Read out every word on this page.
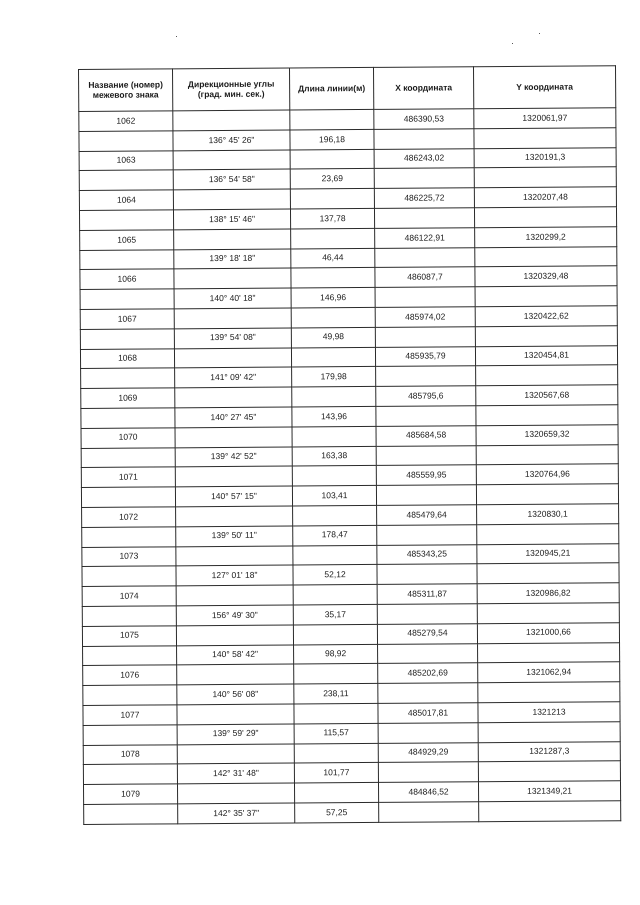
Название (номер) межевого знака	Дирекционные углы (град. мин. сек.)	Длина линии(м)	X координата	Y координата
1062			486390,53	1320061,97
	136° 45' 26"	196,18		
1063			486243,02	1320191,3
	136° 54' 58"	23,69		
1064			486225,72	1320207,48
	138° 15' 46"	137,78		
1065			486122,91	1320299,2
	139° 18' 18"	46,44		
1066			486087,7	1320329,48
	140° 40' 18"	146,96		
1067			485974,02	1320422,62
	139° 54' 08"	49,98		
1068			485935,79	1320454,81
	141° 09' 42"	179,98		
1069			485795,6	1320567,68
	140° 27' 45"	143,96		
1070			485684,58	1320659,32
	139° 42' 52"	163,38		
1071			485559,95	1320764,96
	140° 57' 15"	103,41		
1072			485479,64	1320830,1
	139° 50' 11"	178,47		
1073			485343,25	1320945,21
	127° 01' 18"	52,12		
1074			485311,87	1320986,82
	156° 49' 30"	35,17		
1075			485279,54	1321000,66
	140° 58' 42"	98,92		
1076			485202,69	1321062,94
	140° 56' 08"	238,11		
1077			485017,81	1321213
	139° 59' 29"	115,57		
1078			484929,29	1321287,3
	142° 31' 48"	101,77		
1079			484846,52	1321349,21
	142° 35' 37"	57,25		
